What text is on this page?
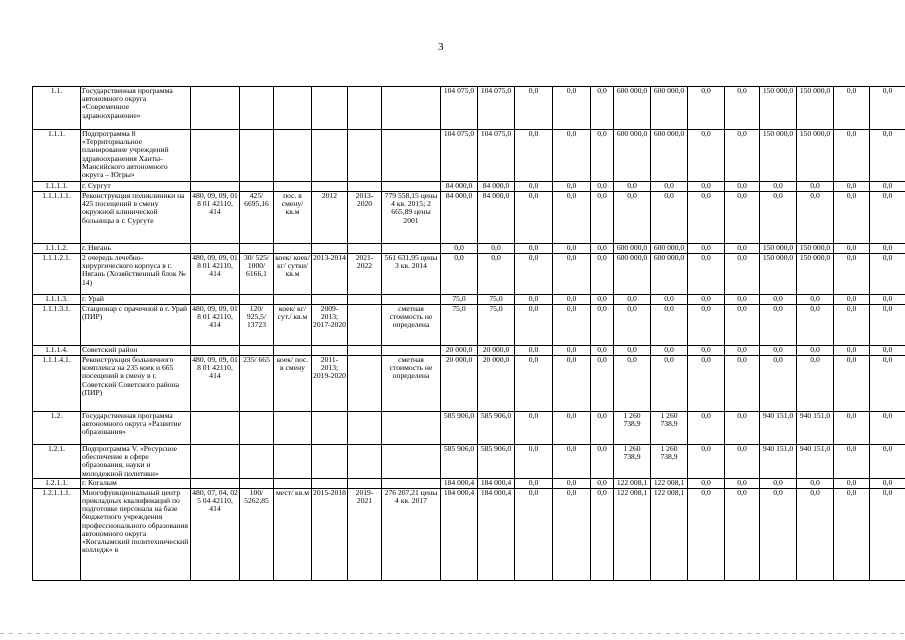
3
1.1.	Государственная программа автономного округа «Современное здравоохранение»							104 075,0	104 075,0	0,0	0,0	0,0	600 000,0	600 000,0	0,0	0,0	150 000,0	150 000,0	0,0	0,0
1.1.1.	Подпрограмма 8 «Территориальное планирование учреждений здравоохранения Ханты-Мансийского автономного округа – Югры»							104 075,0	104 075,0	0,0	0,0	0,0	600 000,0	600 000,0	0,0	0,0	150 000,0	150 000,0	0,0	0,0
1.1.1.1.	г. Сургут							84 000,0	84 000,0	0,0	0,0	0,0	0,0	0,0	0,0	0,0	0,0	0,0	0,0	0,0
1.1.1.1.1.	Реконструкция поликлиники на 425 посещений в смену окружной клинической больницы в г. Сургуте	480, 09, 09, 01 8 01 42110, 414	425/ 6695,16	пос. в смену/ кв.м	2012	2013-2020	779 558,15 цены 4 кв. 2015; 2 665,89 цены 2001	84 000,0	84 000,0	0,0	0,0	0,0	0,0	0,0	0,0	0,0	0,0	0,0	0,0	0,0
1.1.1.2.	г. Нягань							0,0	0,0	0,0	0,0	0,0	600 000,0	600 000,0	0,0	0,0	150 000,0	150 000,0	0,0	0,0
1.1.1.2.1.	2 очередь лечебно-хирургического корпуса в г. Нягань (Хозяйственный блок № 14)	480, 09, 09, 01 8 01 42110, 414	30/ 525/ 1000/ 6166,1	коек/ коек/ кг/ сутки/ кв.м	2013-2014	2021-2022	561 631,95 цены 3 кв. 2014	0,0	0,0	0,0	0,0	0,0	600 000,0	600 000,0	0,0	0,0	150 000,0	150 000,0	0,0	0,0
1.1.1.3.	г. Урай							75,0	75,0	0,0	0,0	0,0	0,0	0,0	0,0	0,0	0,0	0,0	0,0	0,0
1.1.1.3.1.	Стационар с прачечной в г. Урай (ПИР)	480, 09, 09, 01 8 01 42110, 414	120/ 925,5/ 13723	коек/ кг/ сут./ кв.м	2009-2013; 2017-2020		сметная стоимость не определена	75,0	75,0	0,0	0,0	0,0	0,0	0,0	0,0	0,0	0,0	0,0	0,0	0,0
1.1.1.4.	Советский район							20 000,0	20 000,0	0,0	0,0	0,0	0,0	0,0	0,0	0,0	0,0	0,0	0,0	0,0
1.1.1.4.1.	Реконструкция больничного комплекса на 235 коек и 665 посещений в смену в г. Советский Советского района (ПИР)	480, 09, 09, 01 8 01 42110, 414	235/ 665	коек/ пос. в смену	2011-2013; 2019-2020		сметная стоимость не определена	20 000,0	20 000,0	0,0	0,0	0,0	0,0	0,0	0,0	0,0	0,0	0,0	0,0	0,0
1.2.	Государственная программа автономного округа «Развитие образования»							585 906,0	585 906,0	0,0	0,0	0,0	1 260 738,9	1 260 738,9	0,0	0,0	940 151,0	940 151,0	0,0	0,0
1.2.1.	Подпрограмма V. «Ресурсное обеспечение в сфере образования, науки и молодежной политики»							585 906,0	585 906,0	0,0	0,0	0,0	1 260 738,9	1 260 738,9	0,0	0,0	940 151,0	940 151,0	0,0	0,0
1.2.1.1.	г. Когалым							184 000,4	184 000,4	0,0	0,0	0,0	122 008,1	122 008,1	0,0	0,0	0,0	0,0	0,0	0,0
1.2.1.1.1.	Многофункциональный центр прикладных квалификаций по подготовке персонала на базе бюджетного учреждения профессионального образования автономного округа «Когалымский политехнический колледж» в	480, 07, 04, 02 5 04 42110, 414	100/ 5262,85	мест/ кв.м	2015-2018	2019-2021	276 207,21 цены 4 кв. 2017	184 000,4	184 000,4	0,0	0,0	0,0	122 008,1	122 008,1	0,0	0,0	0,0	0,0	0,0	0,0
